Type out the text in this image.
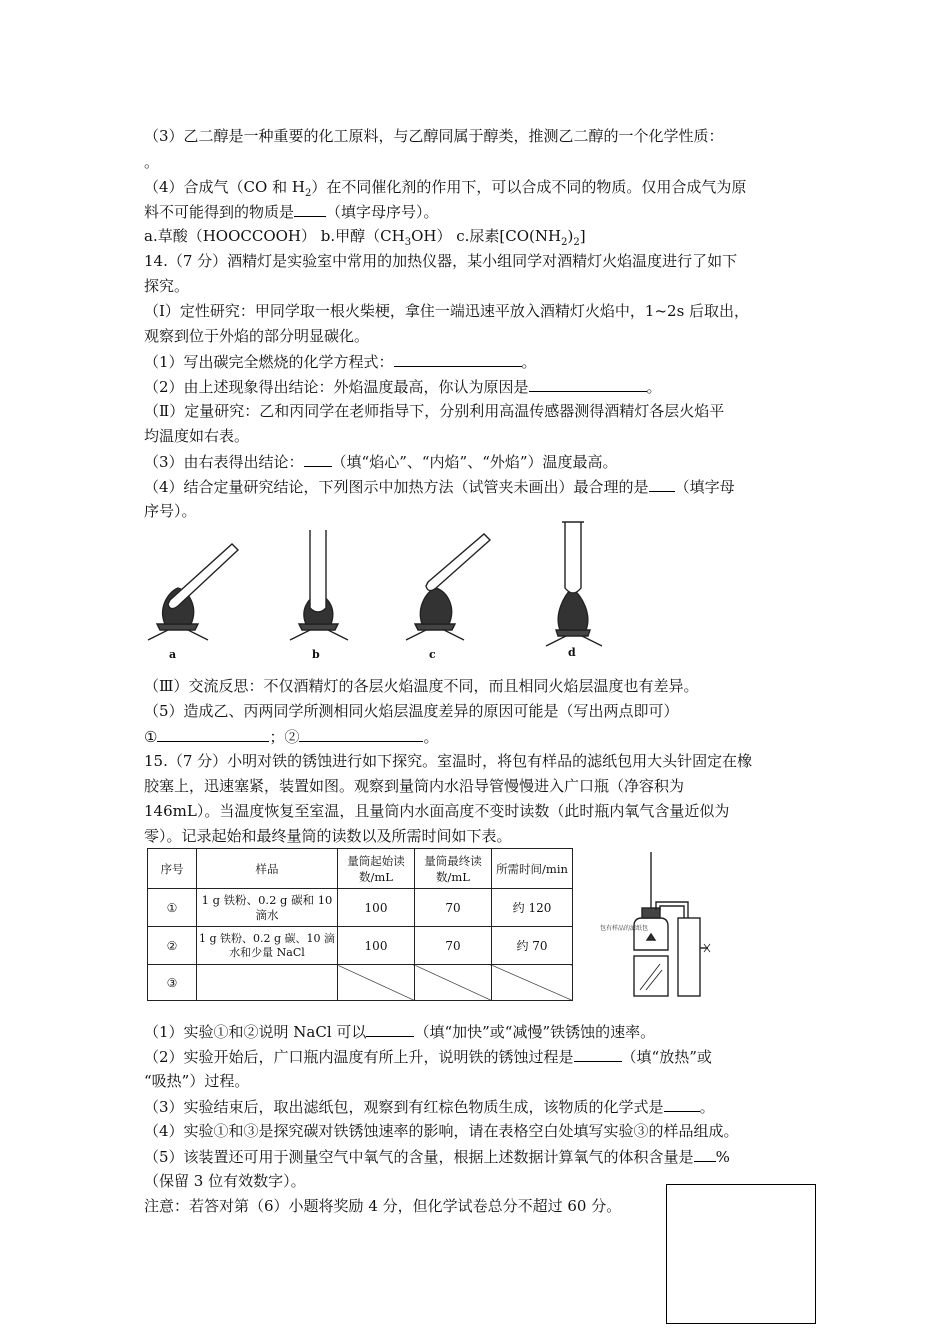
（3）乙二醇是一种重要的化工原料，与乙醇同属于醇类，推测乙二醇的一个化学性质：
。
（4）合成气（CO 和 $H_2$）在不同催化剂的作用下，可以合成不同的物质。仅用合成气为原
料不可能得到的物质是 （填字母序号）。
a.草酸（HOOCCOOH） b.甲醇$(CH_3OH)$ c.尿素$[CO(NH_2)_2]$
14.（7 分）酒精灯是实验室中常用的加热仪器，某小组同学对酒精灯火焰温度进行了如下
探究。
（Ⅰ）定性研究：甲同学取一根火柴梗，拿住一端迅速平放入酒精灯火焰中，1~2s 后取出，
观察到位于外焰的部分明显碳化。
（1）写出碳完全燃烧的化学方程式：	。
（2）由上述现象得出结论：外焰温度最高，你认为原因是	。
（Ⅱ）定量研究：乙和丙同学在老师指导下，分别利用高温传感器测得酒精灯各层火焰平
均温度如右表。
（3）由右表得出结论： （填“焰心”、“内焰”、“外焰”）温度最高。
（4）结合定量研究结论，下列图示中加热方法（试管夹未画出）最合理的是 （填字母
序号）。
a	b	c	d
（Ⅲ）交流反思：不仅酒精灯的各层火焰温度不同，而且相同火焰层温度也有差异。
（5）造成乙、丙两同学所测相同火焰层温度差异的原因可能是（写出两点即可）
①	；②	。
15.（7 分）小明对铁的锈蚀进行如下探究。室温时，将包有样品的滤纸包用大头针固定在橡
胶塞上，迅速塞紧，装置如图。观察到量筒内水沿导管慢慢进入广口瓶（净容积为
146mL）。当温度恢复至室温，且量筒内水面高度不变时读数（此时瓶内氧气含量近似为
零）。记录起始和最终量筒的读数以及所需时间如下表。
序号	样品	量筒起始读数/mL	量筒最终读数/mL	所需时间/min
①	1 g 铁粉、0.2 g 碳和 10 滴水	100	70	约 120
②	1 g 铁粉、0.2 g 碳、10 滴水和少量 NaCl	100	70	约 70
③				
包有样品的滤纸包
（1）实验①和②说明 NaCl 可以	（填“加快”或“减慢”铁锈蚀的速率。
（2）实验开始后，广口瓶内温度有所上升，说明铁的锈蚀过程是	（填“放热”或
“吸热”）过程。
（3）实验结束后，取出滤纸包，观察到有红棕色物质生成，该物质的化学式是 。
（4）实验①和③是探究碳对铁锈蚀速率的影响，请在表格空白处填写实验③的样品组成。
（5）该装置还可用于测量空气中氧气的含量，根据上述数据计算氧气的体积含量是 %
（保留 3 位有效数字）。
注意：若答对第（6）小题将奖励 4 分，但化学试卷总分不超过 60 分。
